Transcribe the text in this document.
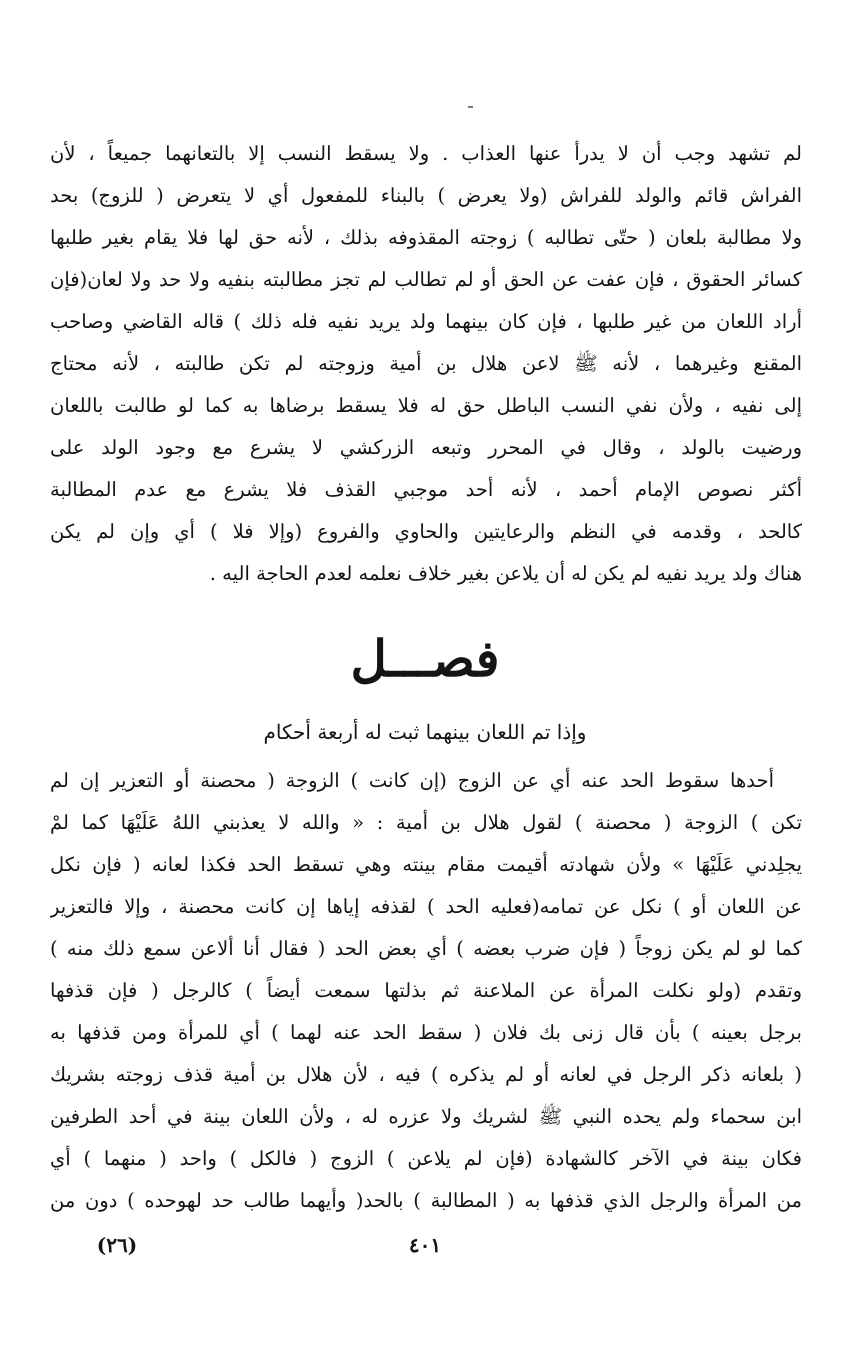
لم تشهد وجب أن لا يدرأ عنها العذاب . ولا يسقط النسب إلا بالتعانهما جميعاً ، لأن
الفراش قائم والولد للفراش (ولا يعرض ) بالبناء للمفعول أي لا يتعرض ( للزوج) بحد
ولا مطالبة بلعان ( حتّى تطالبه ) زوجته المقذوفه بذلك ، لأنه حق لها فلا يقام بغير طلبها
كسائر الحقوق ، فإن عفت عن الحق أو لم تطالب لم تجز مطالبته بنفيه ولا حد ولا لعان(فإن
أراد اللعان من غير طلبها ، فإن كان بينهما ولد يريد نفيه فله ذلك ) قاله القاضي وصاحب
المقنع وغيرهما ، لأنه ﷺ لاعن هلال بن أمية وزوجته لم تكن طالبته ، لأنه محتاج
إلى نفيه ، ولأن نفي النسب الباطل حق له فلا يسقط برضاها به كما لو طالبت باللعان
ورضيت بالولد ، وقال في المحرر وتبعه الزركشي لا يشرع مع وجود الولد على
أكثر نصوص الإمام أحمد ، لأنه أحد موجبي القذف فلا يشرع مع عدم المطالبة
كالحد ، وقدمه في النظم والرعايتين والحاوي والفروع (وإلا فلا ) أي وإن لم يكن
هناك ولد يريد نفيه لم يكن له أن يلاعن بغير خلاف نعلمه لعدم الحاجة اليه .
فصـــل
وإذا تم اللعان بينهما ثبت له أربعة أحكام
أحدها سقوط الحد عنه أي عن الزوج (إن كانت ) الزوجة ( محصنة أو التعزير إن لم
تكن ) الزوجة ( محصنة ) لقول هلال بن أمية : « والله لا يعذبني اللهُ عَلَيْهَا كما لمْ
يجلِدني عَلَيْهَا » ولأن شهادته أقيمت مقام بينته وهي تسقط الحد فكذا لعانه ( فإن نكل
عن اللعان أو ) نكل عن تمامه(فعليه الحد ) لقذفه إياها إن كانت محصنة ، وإلا فالتعزير
كما لو لم يكن زوجاً ( فإن ضرب بعضه ) أي بعض الحد ( فقال أنا ألاعن سمع ذلك منه )
وتقدم (ولو نكلت المرأة عن الملاعنة ثم بذلتها سمعت أيضاً ) كالرجل ( فإن قذفها
برجل بعينه ) بأن قال زنى بك فلان ( سقط الحد عنه لهما ) أي للمرأة ومن قذفها به
( بلعانه ذكر الرجل في لعانه أو لم يذكره ) فيه ، لأن هلال بن أمية قذف زوجته بشريك
ابن سحماء ولم يحده النبي ﷺ لشريك ولا عزره له ، ولأن اللعان بينة في أحد الطرفين
فكان بينة في الآخر كالشهادة (فإن لم يلاعن ) الزوج ( فالكل ) واحد ( منهما ) أي
من المرأة والرجل الذي قذفها به ( المطالبة ) بالحد( وأيهما طالب حد لهوحده ) دون من
(٢٦)	٤٠١
